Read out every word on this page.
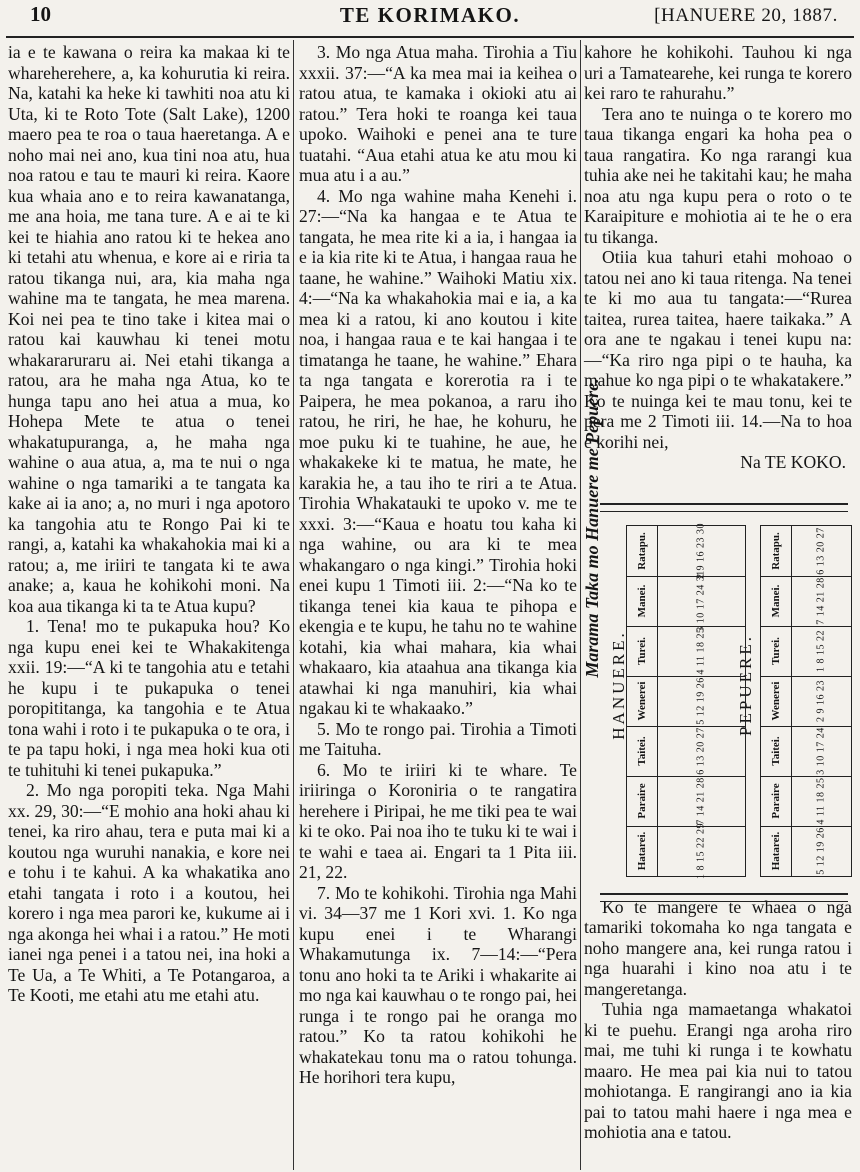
10	TE KORIMAKO.
[	HANUERE 20, 1887.

ia e te kawana o reira ka makaa ki te whareherehere, a, ka kohurutia ki reira. Na, katahi ka heke ki tawhiti noa atu ki Uta, ki te Roto Tote (Salt Lake), 1200 maero pea te roa o taua haeretanga. A e noho mai nei ano, kua tini noa atu, hua noa ratou e tau te mauri ki reira. Kaore kua whaia ano e to reira kawanatanga, me ana hoia, me tana ture. A e ai te ki kei te hiahia ano ratou ki te hekea ano ki tetahi atu whenua, e kore ai e riria ta ratou tikanga nui, ara, kia maha nga wahine ma te tangata, he mea marena. Koi nei pea te tino take i kitea mai o ratou kai kauwhau ki tenei motu whakararuraru ai. Nei etahi tikanga a ratou, ara he maha nga Atua, ko te hunga tapu ano hei atua a mua, ko Hohepa Mete te atua o tenei whakatupuranga, a, he maha nga wahine o aua atua, a, ma te nui o nga wahine o nga tamariki a te tangata ka kake ai ia ano; a, no muri i nga apotoro ka tangohia atu te Rongo Pai ki te rangi, a, katahi ka whakahokia mai ki a ratou; a, me iriiri te tangata ki te awa anake; a, kaua he kohikohi moni. Na koa aua tikanga ki ta te Atua kupu?

1. Tena! mo te pukapuka hou? Ko nga kupu enei kei te Whakakitenga xxii. 19:—“A ki te tangohia atu e tetahi he kupu i te pukapuka o tenei poropititanga, ka tangohia e te Atua tona wahi i roto i te pukapuka o te ora, i te pa tapu hoki, i nga mea hoki kua oti te tuhituhi ki tenei pukapuka.”

2. Mo nga poropiti teka. Nga Mahi xx. 29, 30:—“E mohio ana hoki ahau ki tenei, ka riro ahau, tera e puta mai ki a koutou nga wuruhi nanakia, e kore nei e tohu i te kahui. A ka whakatika ano etahi tangata i roto i a koutou, hei korero i nga mea parori ke, kukume ai i nga akonga hei whai i a ratou.” He moti ianei nga penei i a tatou nei, ina hoki a Te Ua, a Te Whiti, a Te Potangaroa, a Te Kooti, me etahi atu me etahi atu.

3. Mo nga Atua maha. Tirohia a Tiu xxxii. 37:—“A ka mea mai ia keihea o ratou atua, te kamaka i okioki atu ai ratou.” Tera hoki te roanga kei taua upoko. Waihoki e penei ana te ture tuatahi. “Aua etahi atua ke atu mou ki mua atu i a au.”

4. Mo nga wahine maha Kenehi i. 27:—“Na ka hangaa e te Atua te tangata, he mea rite ki a ia, i hangaa ia e ia kia rite ki te Atua, i hangaa raua he taane, he wahine.” Waihoki Matiu xix. 4:—“Na ka whakahokia mai e ia, a ka mea ki a ratou, ki ano koutou i kite noa, i hangaa raua e te kai hangaa i te timatanga he taane, he wahine.” Ehara ta nga tangata e korerotia ra i te Paipera, he mea pokanoa, a raru iho ratou, he riri, he hae, he kohuru, he moe puku ki te tuahine, he aue, he whakakeke ki te matua, he mate, he karakia he, a tau iho te riri a te Atua. Tirohia Whakatauki te upoko v. me te xxxi. 3:—“Kaua e hoatu tou kaha ki nga wahine, ou ara ki te mea whakangaro o nga kingi.” Tirohia hoki enei kupu 1 Timoti iii. 2:—“Na ko te tikanga tenei kia kaua te pihopa e ekengia e te kupu, he tahu no te wahine kotahi, kia whai mahara, kia whai whakaaro, kia ataahua ana tikanga kia atawhai ki nga manuhiri, kia whai ngakau ki te whakaako.”

5. Mo te rongo pai. Tirohia a Timoti me Taituha.

6. Mo te iriiri ki te whare. Te iriiringa o Koroniria o te rangatira herehere i Piripai, he me tiki pea te wai ki te oko. Pai noa iho te tuku ki te wai i te wahi e taea ai. Engari ta 1 Pita iii. 21, 22.

7. Mo te kohikohi. Tirohia nga Mahi vi. 34—37 me 1 Kori xvi. 1. Ko nga kupu enei i te Wharangi Whakamutunga ix. 7—14:—“Pera tonu ano hoki ta te Ariki i whakarite ai mo nga kai kauwhau o te rongo pai, hei runga i te rongo pai he oranga mo ratou.” Ko ta ratou kohikohi he whakatekau tonu ma o ratou tohunga. He horihori tera kupu,

kahore he kohikohi. Tauhou ki nga uri a Tamatearehe, kei runga te korero kei raro te rahurahu.”

Tera ano te nuinga o te korero mo taua tikanga engari ka hoha pea o taua rangatira. Ko nga rarangi kua tuhia ake nei he takitahi kau; he maha noa atu nga kupu pera o roto o te Karaipiture e mohiotia ai te he o era tu tikanga.

Otiia kua tahuri etahi mohoao o tatou nei ano ki taua ritenga. Na tenei te ki mo aua tu tangata:—“Rurea taitea, rurea taitea, haere taikaka.” A ora ane te ngakau i tenei kupu na:—“Ka riro nga pipi o te hauha, ka mahue ko nga pipi o te whakatakere.” Ko te nuinga kei te mau tonu, kei te pera me 2 Timoti iii. 14.—Na to hoa e korihi nei,

Na TE KOKO.

Ko te mangere te whaea o nga tamariki tokomaha ko nga tangata e noho mangere ana, kei runga ratou i nga huarahi i kino noa atu i te mangeretanga.

Tuhia nga mamaetanga whakatoi ki te puehu. Erangi nga aroha riro mai, me tuhi ki runga i te kowhatu maaro. He mea pai kia nui to tatou mohiotanga. E rangirangi ano ia kia pai to tatou mahi haere i nga mea e mohiotia ana e tatou.

Marama Taka mo Hanuere me Pepuere.
HANUERE.	PEPUERE.
Ratapu.	2 9 16 23 30
Manei.	3 10 17 24 31
Turei.	4 11 18 25
Wenerei	5 12 19 26
Taitei.	6 13 20 27
Paraire	7 14 21 28
Hatarei.	1 8 15 22 29
Ratapu.	6 13 20 27
Manei.	7 14 21 28
Turei.	1 8 15 22
Wenerei	2 9 16 23
Taitei.	3 10 17 24
Paraire	4 11 18 25
Hatarei.	5 12 19 26
